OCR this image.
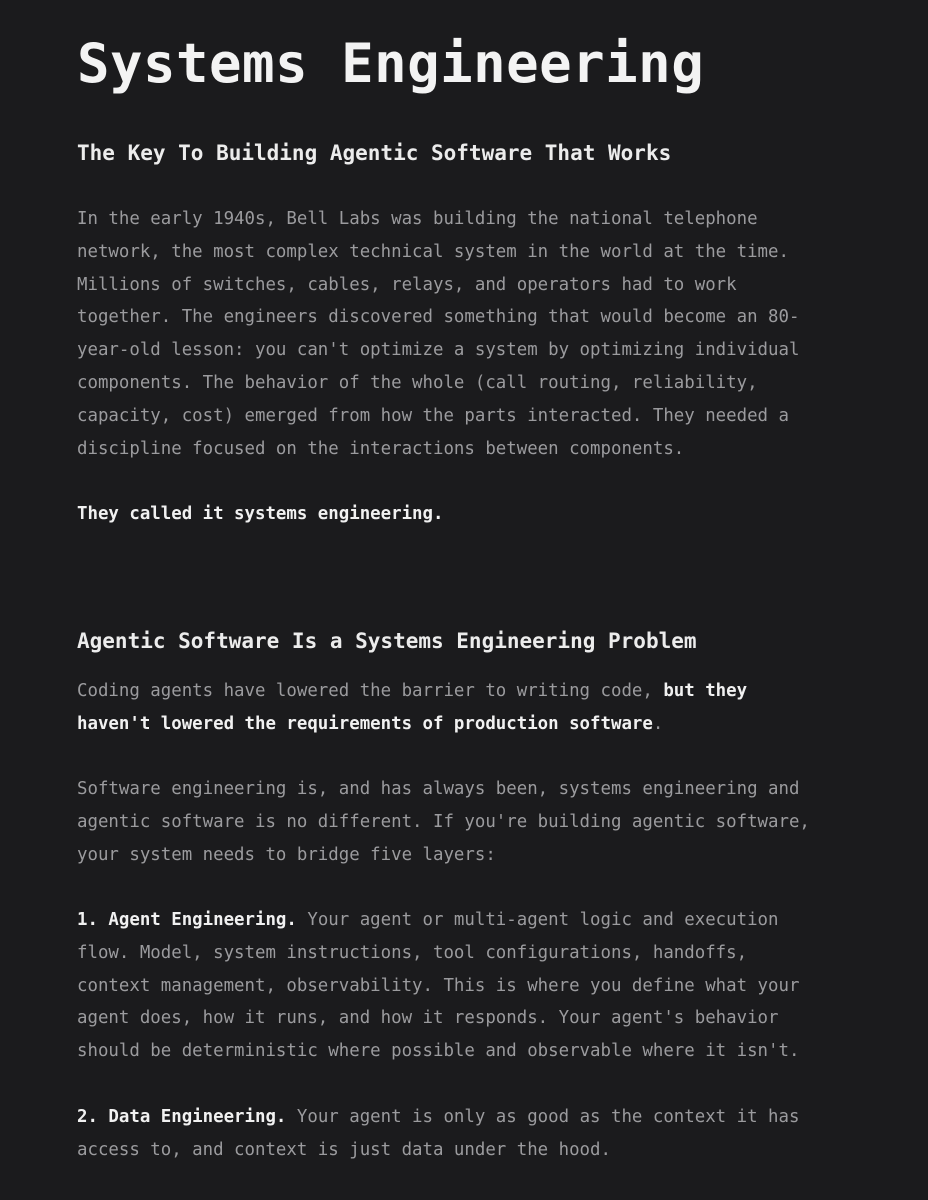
Systems Engineering
The Key To Building Agentic Software That Works

In the early 1940s, Bell Labs was building the national telephone
network, the most complex technical system in the world at the time.
Millions of switches, cables, relays, and operators had to work
together. The engineers discovered something that would become an 80-
year-old lesson: you can't optimize a system by optimizing individual
components. The behavior of the whole (call routing, reliability,
capacity, cost) emerged from how the parts interacted. They needed a
discipline focused on the interactions between components.

They called it systems engineering.

Agentic Software Is a Systems Engineering Problem

Coding agents have lowered the barrier to writing code, but they
haven't lowered the requirements of production software.

Software engineering is, and has always been, systems engineering and
agentic software is no different. If you're building agentic software,
your system needs to bridge five layers:

1. Agent Engineering. Your agent or multi-agent logic and execution
flow. Model, system instructions, tool configurations, handoffs,
context management, observability. This is where you define what your
agent does, how it runs, and how it responds. Your agent's behavior
should be deterministic where possible and observable where it isn't.

2. Data Engineering. Your agent is only as good as the context it has
access to, and context is just data under the hood.
